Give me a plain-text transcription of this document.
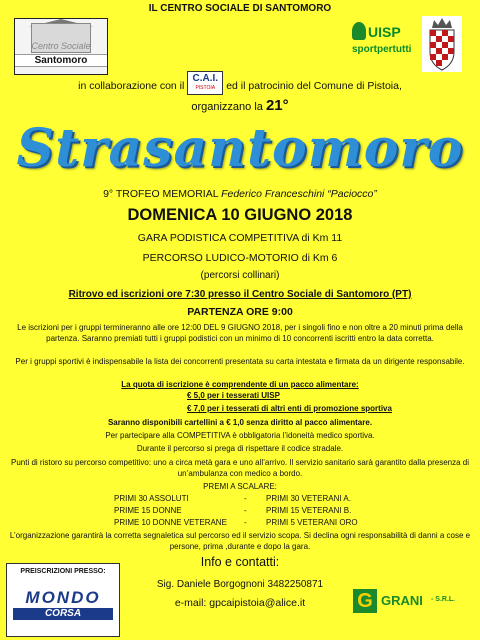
IL CENTRO SOCIALE DI SANTOMORO
Centro Sociale
Santomoro
UISP
sportpertutti
in collaborazione con il
C.A.I.
PISTOIA	ed il patrocinio del Comune di Pistoia,
organizzano la 21°
Strasantomoro
9° TROFEO MEMORIAL Federico Franceschini “Paciocco”
DOMENICA 10 GIUGNO 2018
GARA PODISTICA COMPETITIVA di Km 11
PERCORSO LUDICO-MOTORIO di Km 6
(percorsi collinari)
Ritrovo ed iscrizioni ore 7:30 presso il Centro Sociale di Santomoro (PT)
PARTENZA ORE 9:00
Le iscrizioni per i gruppi termineranno alle ore 12:00 DEL 9 GIUGNO 2018, per i singoli fino e non oltre a 20 minuti prima della partenza. Saranno premiati tutti i gruppi podistici con un minimo di 10 concorrenti iscritti entro la data corretta.
Per i gruppi sportivi è indispensabile la lista dei concorrenti presentata su carta intestata e firmata da un dirigente responsabile.
La quota di iscrizione è comprendente di un pacco alimentare:
€ 5,0 per i tesserati UISP
€ 7,0 per i tesserati di altri enti di promozione sportiva
Saranno disponibili cartellini a € 1,0 senza diritto al pacco alimentare.
Per partecipare alla COMPETITIVA è obbligatoria l’idoneità medico sportiva.
Durante il percorso si prega di rispettare il codice stradale.
Punti di ristoro su percorso competitivo: uno a circa metà gara e uno all’arrivo. Il servizio sanitario sarà garantito dalla presenza di un’ambulanza con medico a bordo.
PREMI A SCALARE:
PRIMI 30 ASSOLUTI	- PRIMI 30 VETERANI A.
PRIME 15 DONNE	- PRIMI 15 VETERANI B.
PRIME 10 DONNE VETERANE - PRIMI 5 VETERANI ORO
L’organizzazione garantirà la corretta segnaletica sul percorso ed il servizio scopa. Si declina ogni responsabilità di danni a cose e persone, prima ,durante e dopo la gara.
PREISCRIZIONI PRESSO:
MONDO
CORSA
Info e contatti:
Sig. Daniele Borgognoni 3482250871
e-mail: gpcaipistoia@alice.it	G GRANI - S.R.L.
